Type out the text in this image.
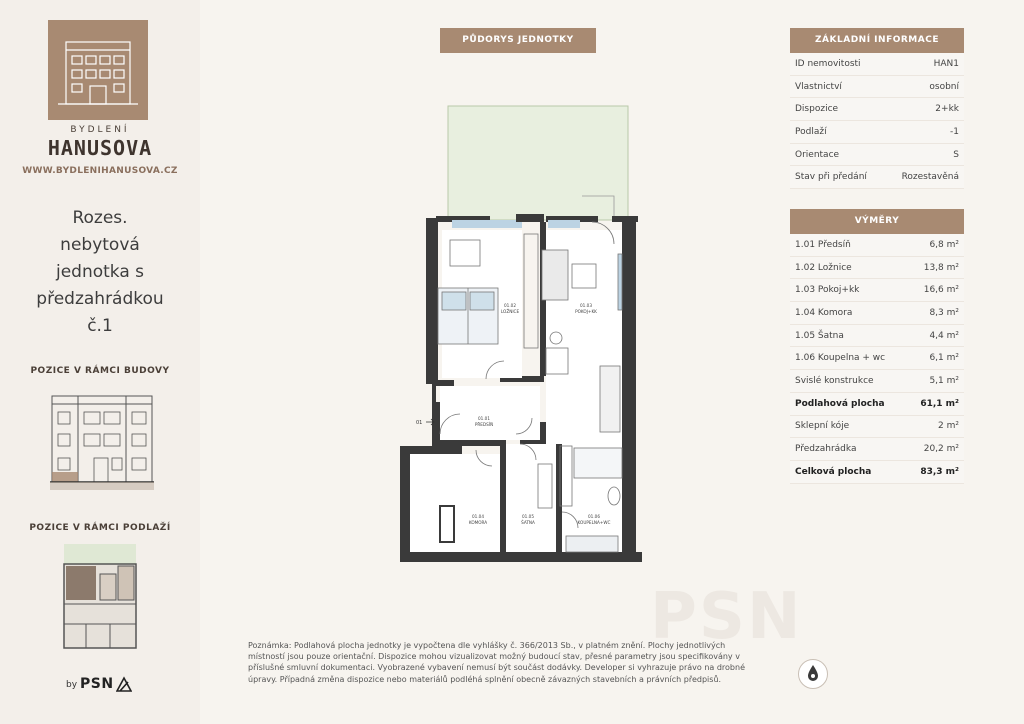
BYDLENÍ
HANUSOVA
WWW.BYDLENIHANUSOVA.CZ
Rozes.
nebytová
jednotka s
předzahrádkou
č.1
POZICE V RÁMCI BUDOVY
POZICE V RÁMCI PODLAŽÍ
by PSN
PSN
PŮDORYS JEDNOTKY
01.02
LOŽNICE
01.03
POKOJ+KK
01.01
PŘEDSÍŇ
01.04
KOMORA
01.05
ŠATNA
01.06
KOUPELNA+WC
01
ZÁKLADNÍ INFORMACE
ID nemovitosti	HAN1
Vlastnictví	osobní
Dispozice	2+kk
Podlaží	-1
Orientace	S
Stav při předání	Rozestavěná
VÝMĚRY
1.01 Předsíň	6,8 m²
1.02 Ložnice	13,8 m²
1.03 Pokoj+kk	16,6 m²
1.04 Komora	8,3 m²
1.05 Šatna	4,4 m²
1.06 Koupelna + wc	6,1 m²
Svislé konstrukce	5,1 m²
Podlahová plocha	61,1 m²
Sklepní kóje	2 m²
Předzahrádka	20,2 m²
Celková plocha	83,3 m²
Poznámka: Podlahová plocha jednotky je vypočtena dle vyhlášky č. 366/2013 Sb., v platném znění. Plochy jednotlivých místností jsou pouze orientační. Dispozice mohou vizualizovat možný budoucí stav, přesné parametry jsou specifikovány v příslušné smluvní dokumentaci. Vyobrazené vybavení nemusí být součást dodávky. Developer si vyhrazuje právo na drobné úpravy. Případná změna dispozice nebo materiálů podléhá splnění obecně závazných stavebních a právních předpisů.
